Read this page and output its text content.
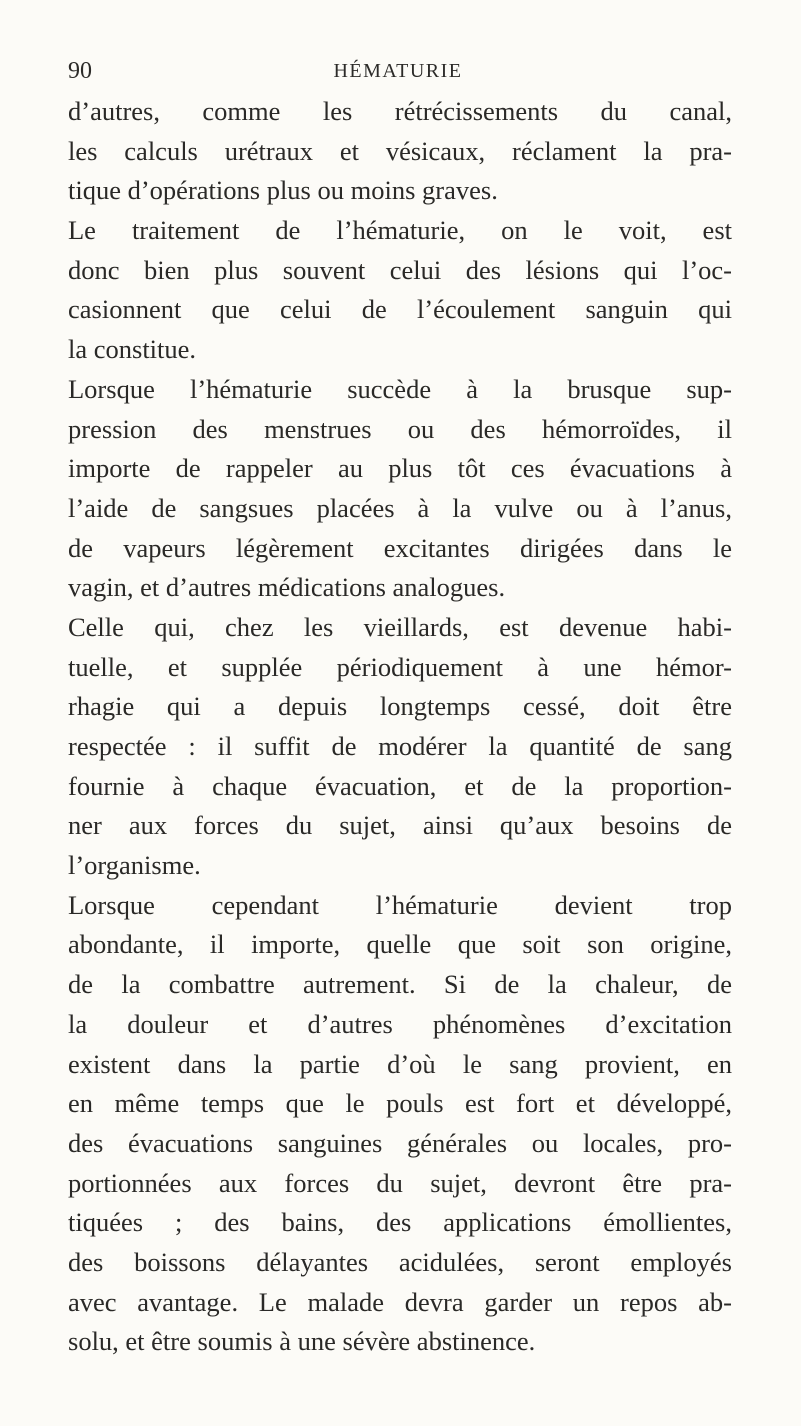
90	HÉMATURIE
d’autres, comme les rétrécissements du canal,
les calculs urétraux et vésicaux, réclament la pra-
tique d’opérations plus ou moins graves.
Le traitement de l’hématurie, on le voit, est
donc bien plus souvent celui des lésions qui l’oc-
casionnent que celui de l’écoulement sanguin qui
la constitue.
Lorsque l’hématurie succède à la brusque sup-
pression des menstrues ou des hémorroïdes, il
importe de rappeler au plus tôt ces évacuations à
l’aide de sangsues placées à la vulve ou à l’anus,
de vapeurs légèrement excitantes dirigées dans le
vagin, et d’autres médications analogues.
Celle qui, chez les vieillards, est devenue habi-
tuelle, et supplée périodiquement à une hémor-
rhagie qui a depuis longtemps cessé, doit être
respectée : il suffit de modérer la quantité de sang
fournie à chaque évacuation, et de la proportion-
ner aux forces du sujet, ainsi qu’aux besoins de
l’organisme.
Lorsque cependant l’hématurie devient trop
abondante, il importe, quelle que soit son origine,
de la combattre autrement. Si de la chaleur, de
la douleur et d’autres phénomènes d’excitation
existent dans la partie d’où le sang provient, en
en même temps que le pouls est fort et développé,
des évacuations sanguines générales ou locales, pro-
portionnées aux forces du sujet, devront être pra-
tiquées ; des bains, des applications émollientes,
des boissons délayantes acidulées, seront employés
avec avantage. Le malade devra garder un repos ab-
solu, et être soumis à une sévère abstinence.
